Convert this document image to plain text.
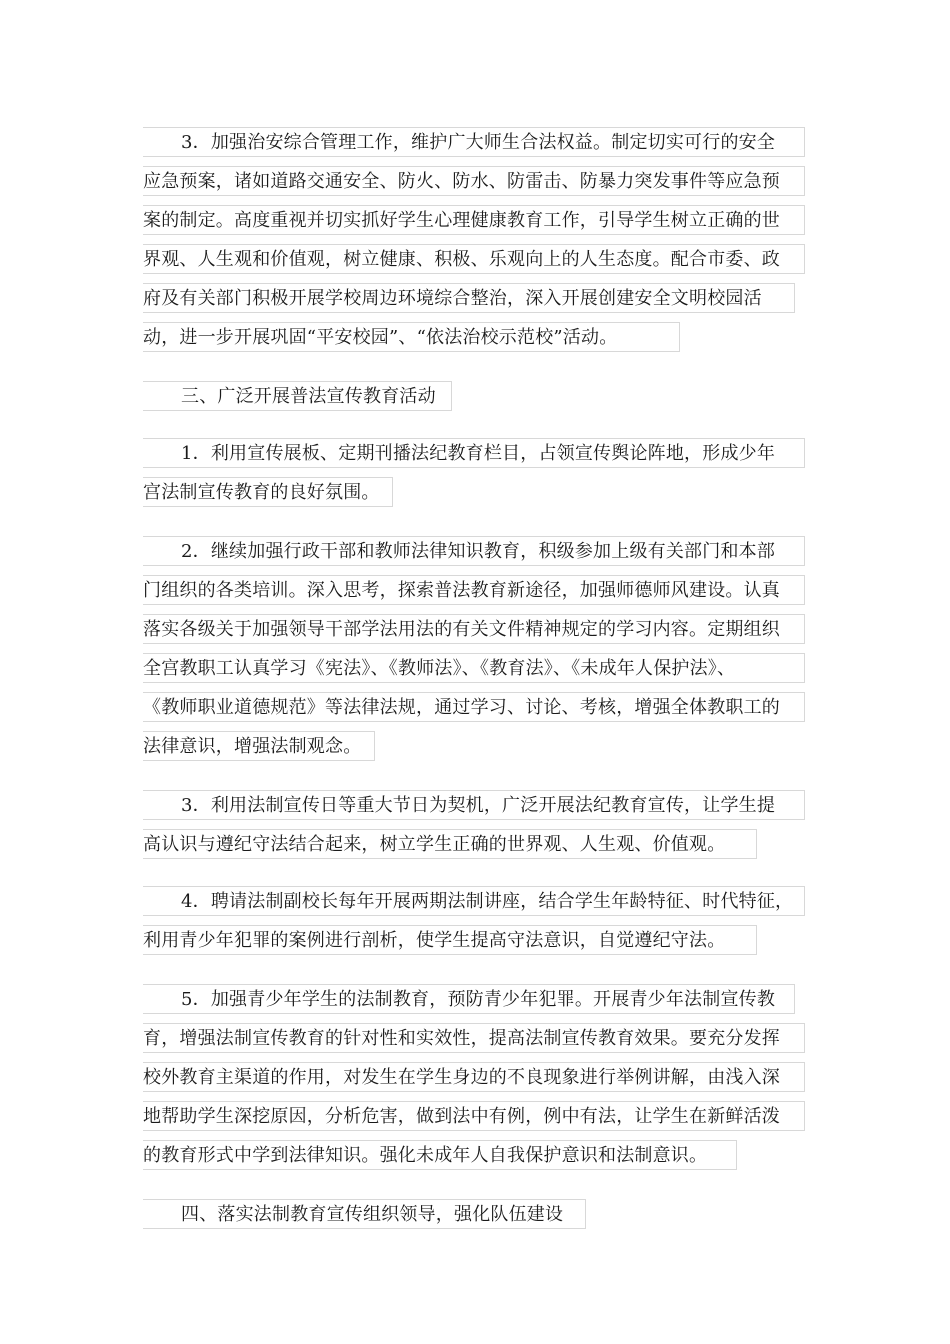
3．加强治安综合管理工作，维护广大师生合法权益。制定切实可行的安全
应急预案，诸如道路交通安全、防火、防水、防雷击、防暴力突发事件等应急预
案的制定。高度重视并切实抓好学生心理健康教育工作，引导学生树立正确的世
界观、人生观和价值观，树立健康、积极、乐观向上的人生态度。配合市委、政
府及有关部门积极开展学校周边环境综合整治，深入开展创建安全文明校园活
动，进一步开展巩固“平安校园”、“依法治校示范校”活动。
三、广泛开展普法宣传教育活动
1．利用宣传展板、定期刊播法纪教育栏目，占领宣传舆论阵地，形成少年
宫法制宣传教育的良好氛围。
2．继续加强行政干部和教师法律知识教育，积级参加上级有关部门和本部
门组织的各类培训。深入思考，探索普法教育新途径，加强师德师风建设。认真
落实各级关于加强领导干部学法用法的有关文件精神规定的学习内容。定期组织
全宫教职工认真学习《宪法》、《教师法》、《教育法》、《未成年人保护法》、
《教师职业道德规范》等法律法规，通过学习、讨论、考核，增强全体教职工的
法律意识，增强法制观念。
3．利用法制宣传日等重大节日为契机，广泛开展法纪教育宣传，让学生提
高认识与遵纪守法结合起来，树立学生正确的世界观、人生观、价值观。
4．聘请法制副校长每年开展两期法制讲座，结合学生年龄特征、时代特征，
利用青少年犯罪的案例进行剖析，使学生提高守法意识，自觉遵纪守法。
5．加强青少年学生的法制教育，预防青少年犯罪。开展青少年法制宣传教
育，增强法制宣传教育的针对性和实效性，提高法制宣传教育效果。要充分发挥
校外教育主渠道的作用，对发生在学生身边的不良现象进行举例讲解，由浅入深
地帮助学生深挖原因，分析危害，做到法中有例，例中有法，让学生在新鲜活泼
的教育形式中学到法律知识。强化未成年人自我保护意识和法制意识。
四、落实法制教育宣传组织领导，强化队伍建设
